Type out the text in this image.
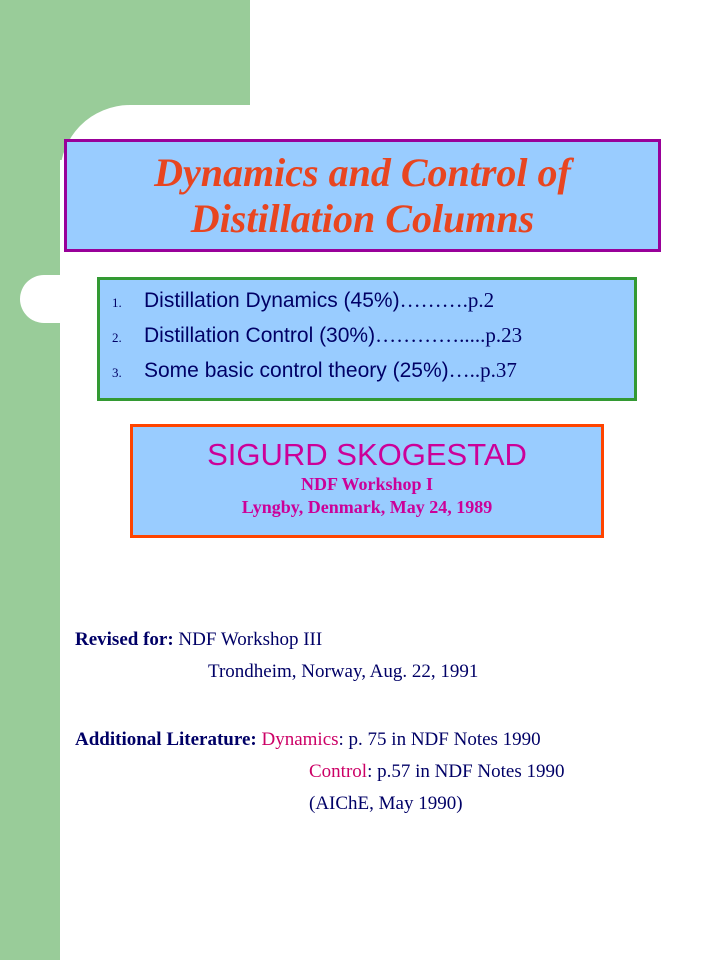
Dynamics and Control of
Distillation Columns
1.	Distillation Dynamics (45%) ………. p.2
2.	Distillation Control (30%) …………..... p.23
3.	Some basic control theory (25%) ….. p.37
SIGURD SKOGESTAD
NDF Workshop I
Lyngby, Denmark, May 24, 1989
Revised for: NDF Workshop III
Trondheim, Norway, Aug. 22, 1991
Additional Literature: Dynamics: p. 75 in NDF Notes 1990
Control: p.57 in NDF Notes 1990
(AIChE, May 1990)
